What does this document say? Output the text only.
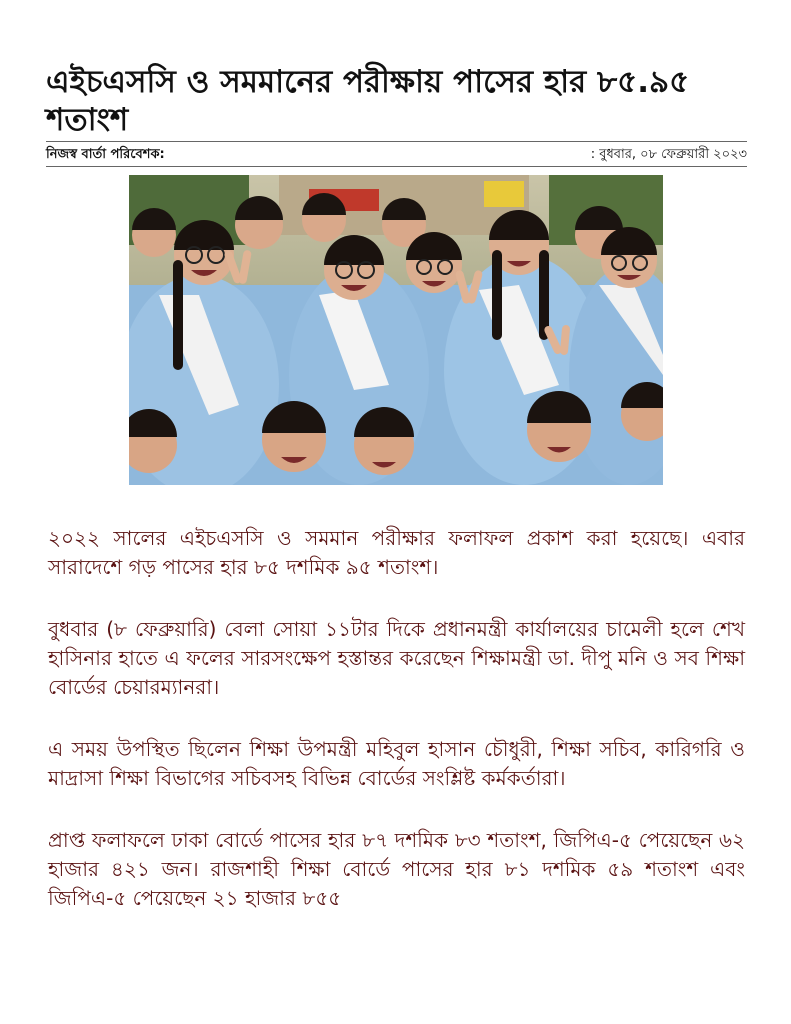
এইচএসসি ও সমমানের পরীক্ষায় পাসের হার ৮৫.৯৫ শতাংশ
নিজস্ব বার্তা পরিবেশক:	: বুধবার, ০৮ ফেব্রুয়ারী ২০২৩

২০২২ সালের এইচএসসি ও সমমান পরীক্ষার ফলাফল প্রকাশ করা হয়েছে। এবার সারাদেশে গড় পাসের হার ৮৫ দশমিক ৯৫ শতাংশ।

বুধবার (৮ ফেব্রুয়ারি) বেলা সোয়া ১১টার দিকে প্রধানমন্ত্রী কার্যালয়ের চামেলী হলে শেখ হাসিনার হাতে এ ফলের সারসংক্ষেপ হস্তান্তর করেছেন শিক্ষামন্ত্রী ডা. দীপু মনি ও সব শিক্ষা বোর্ডের চেয়ারম্যানরা।

এ সময় উপস্থিত ছিলেন শিক্ষা উপমন্ত্রী মহিবুল হাসান চৌধুরী, শিক্ষা সচিব, কারিগরি ও মাদ্রাসা শিক্ষা বিভাগের সচিবসহ বিভিন্ন বোর্ডের সংশ্লিষ্ট কর্মকর্তারা।

প্রাপ্ত ফলাফলে ঢাকা বোর্ডে পাসের হার ৮৭ দশমিক ৮৩ শতাংশ, জিপিএ-৫ পেয়েছেন ৬২ হাজার ৪২১ জন। রাজশাহী শিক্ষা বোর্ডে পাসের হার ৮১ দশমিক ৫৯ শতাংশ এবং জিপিএ-৫ পেয়েছেন ২১ হাজার ৮৫৫
